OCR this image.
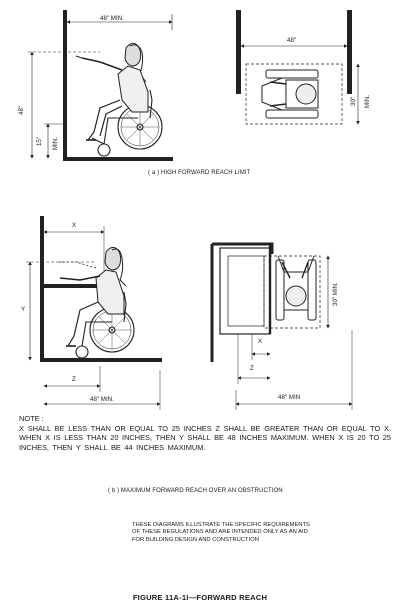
48" MIN.
48"
15" MIN.
48"
30" MIN.
( a ) HIGH FORWARD REACH LIMIT
X
Y
Z
48" MIN.
30" MIN.
X
Z
48" MIN
NOTE :
X SHALL BE LESS THAN OR EQUAL TO 25 INCHES Z SHALL BE GREATER THAN OR EQUAL TO X. WHEN X IS LESS THAN 20 INCHES, THEN Y SHALL BE 48 INCHES MAXIMUM. WHEN X IS 20 TO 25 INCHES, THEN Y SHALL BE 44 INCHES MAXIMUM.
( b ) MAXIMUM FORWARD REACH OVER AN OBSTRUCTION
THESE DIAGRAMS ILLUSTRATE THE SPECIFIC REQUIREMENTS
OF THESE REGULATIONS AND ARE INTENDED ONLY AS AN AID
FOR BUILDING DESIGN AND CONSTRUCTION
FIGURE 11A-1I—FORWARD REACH
